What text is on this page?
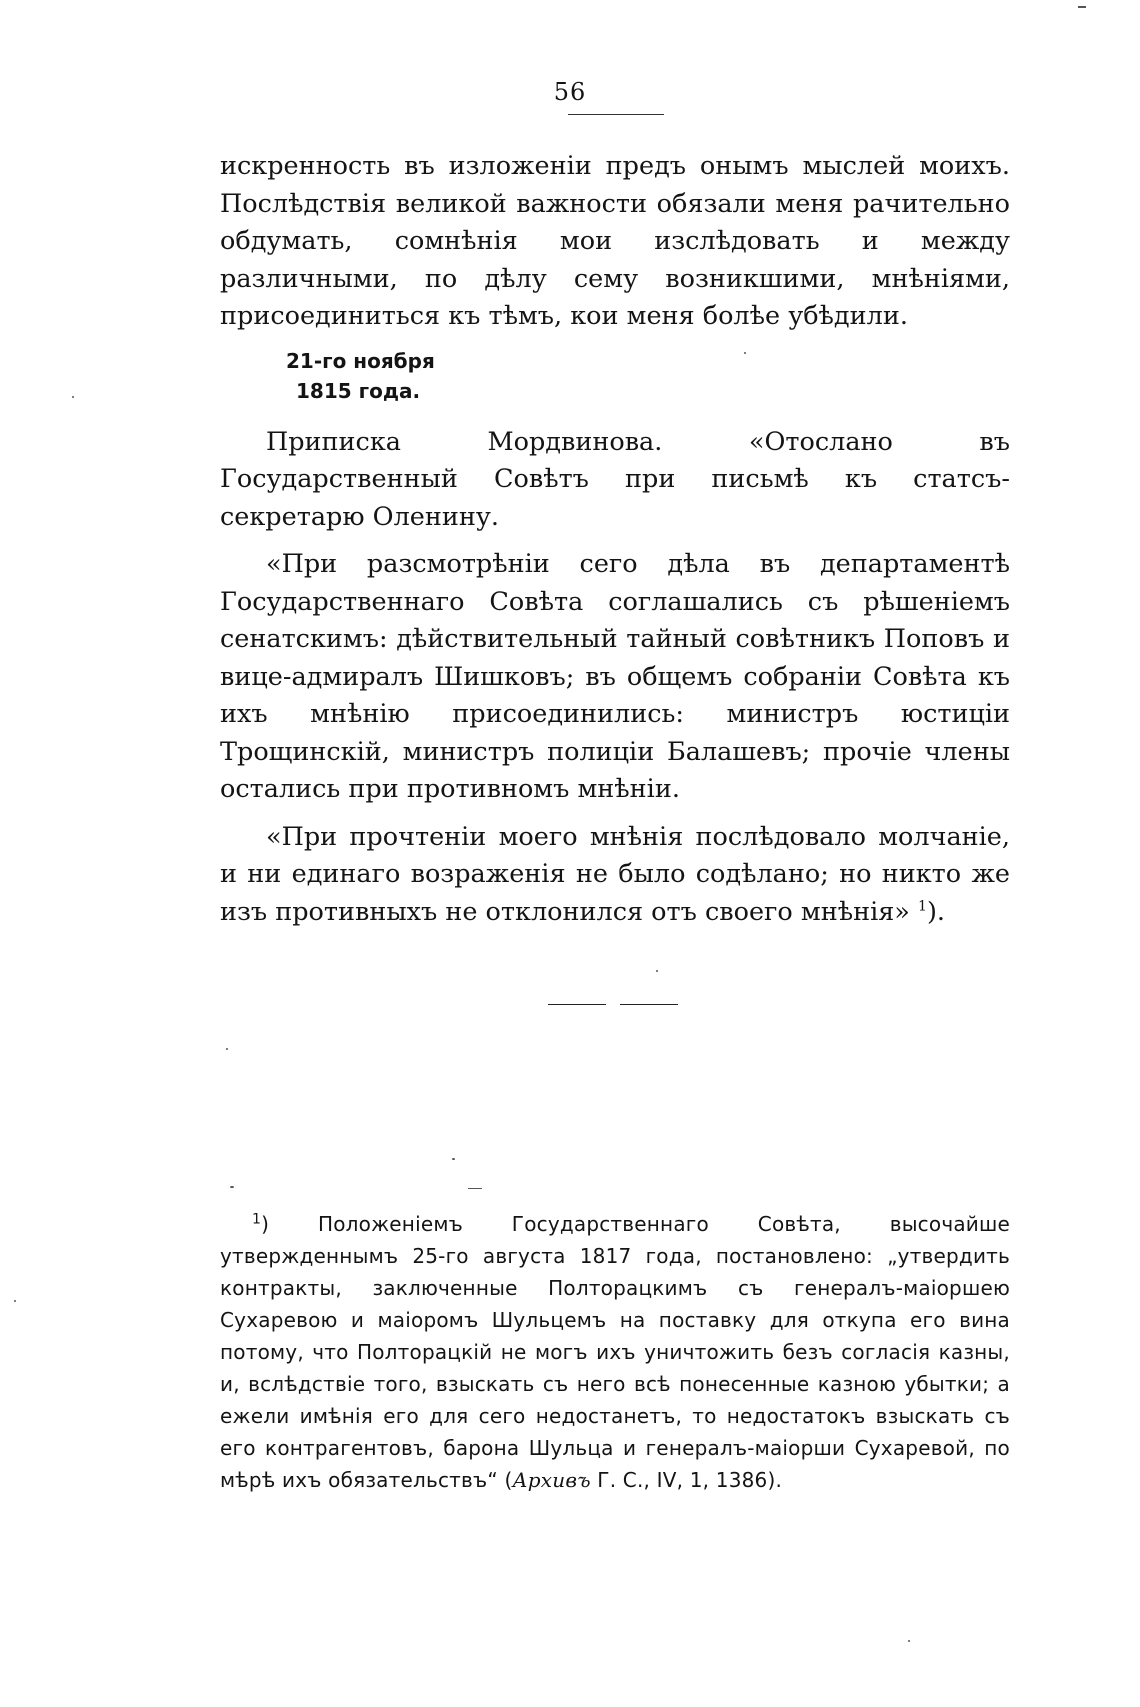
56

искренность въ изложеніи предъ онымъ мыслей моихъ. Послѣдствія великой важности обязали меня рачительно обдумать, сомнѣнія мои изслѣдовать и между различными, по дѣлу сему возникшими, мнѣніями, присоединиться къ тѣмъ, кои меня болѣе убѣдили.

21-го ноября
1815 года.

Приписка Мордвинова. «Отослано въ Государственный Совѣтъ при письмѣ къ статсъ-секретарю Оленину.

«При разсмотрѣніи сего дѣла въ департаментѣ Государственнаго Совѣта соглашались съ рѣшеніемъ сенатскимъ: дѣйствительный тайный совѣтникъ Поповъ и вице-адмиралъ Шишковъ; въ общемъ собраніи Совѣта къ ихъ мнѣнію присоединились: министръ юстиціи Трощинскій, министръ полиціи Балашевъ; прочіе члены остались при противномъ мнѣніи.

«При прочтеніи моего мнѣнія послѣдовало молчаніе, и ни единаго возраженія не было содѣлано; но никто же изъ противныхъ не отклонился отъ своего мнѣнія» $^1$).

$^1$) Положеніемъ Государственнаго Совѣта, высочайше утвержденнымъ 25-го августа 1817 года, постановлено: „утвердить контракты, заключенные Полторацкимъ съ генералъ-маіоршею Сухаревою и маіоромъ Шульцемъ на поставку для откупа его вина потому, что Полторацкій не могъ ихъ уничтожить безъ согласія казны, и, вслѣдствіе того, взыскать съ него всѣ понесенные казною убытки; а ежели имѣнія его для сего недостанетъ, то недостатокъ взыскать съ его контрагентовъ, барона Шульца и генералъ-маіорши Сухаревой, по мѣрѣ ихъ обязательствъ“ (Архивъ Г. С., IV, 1, 1386).
